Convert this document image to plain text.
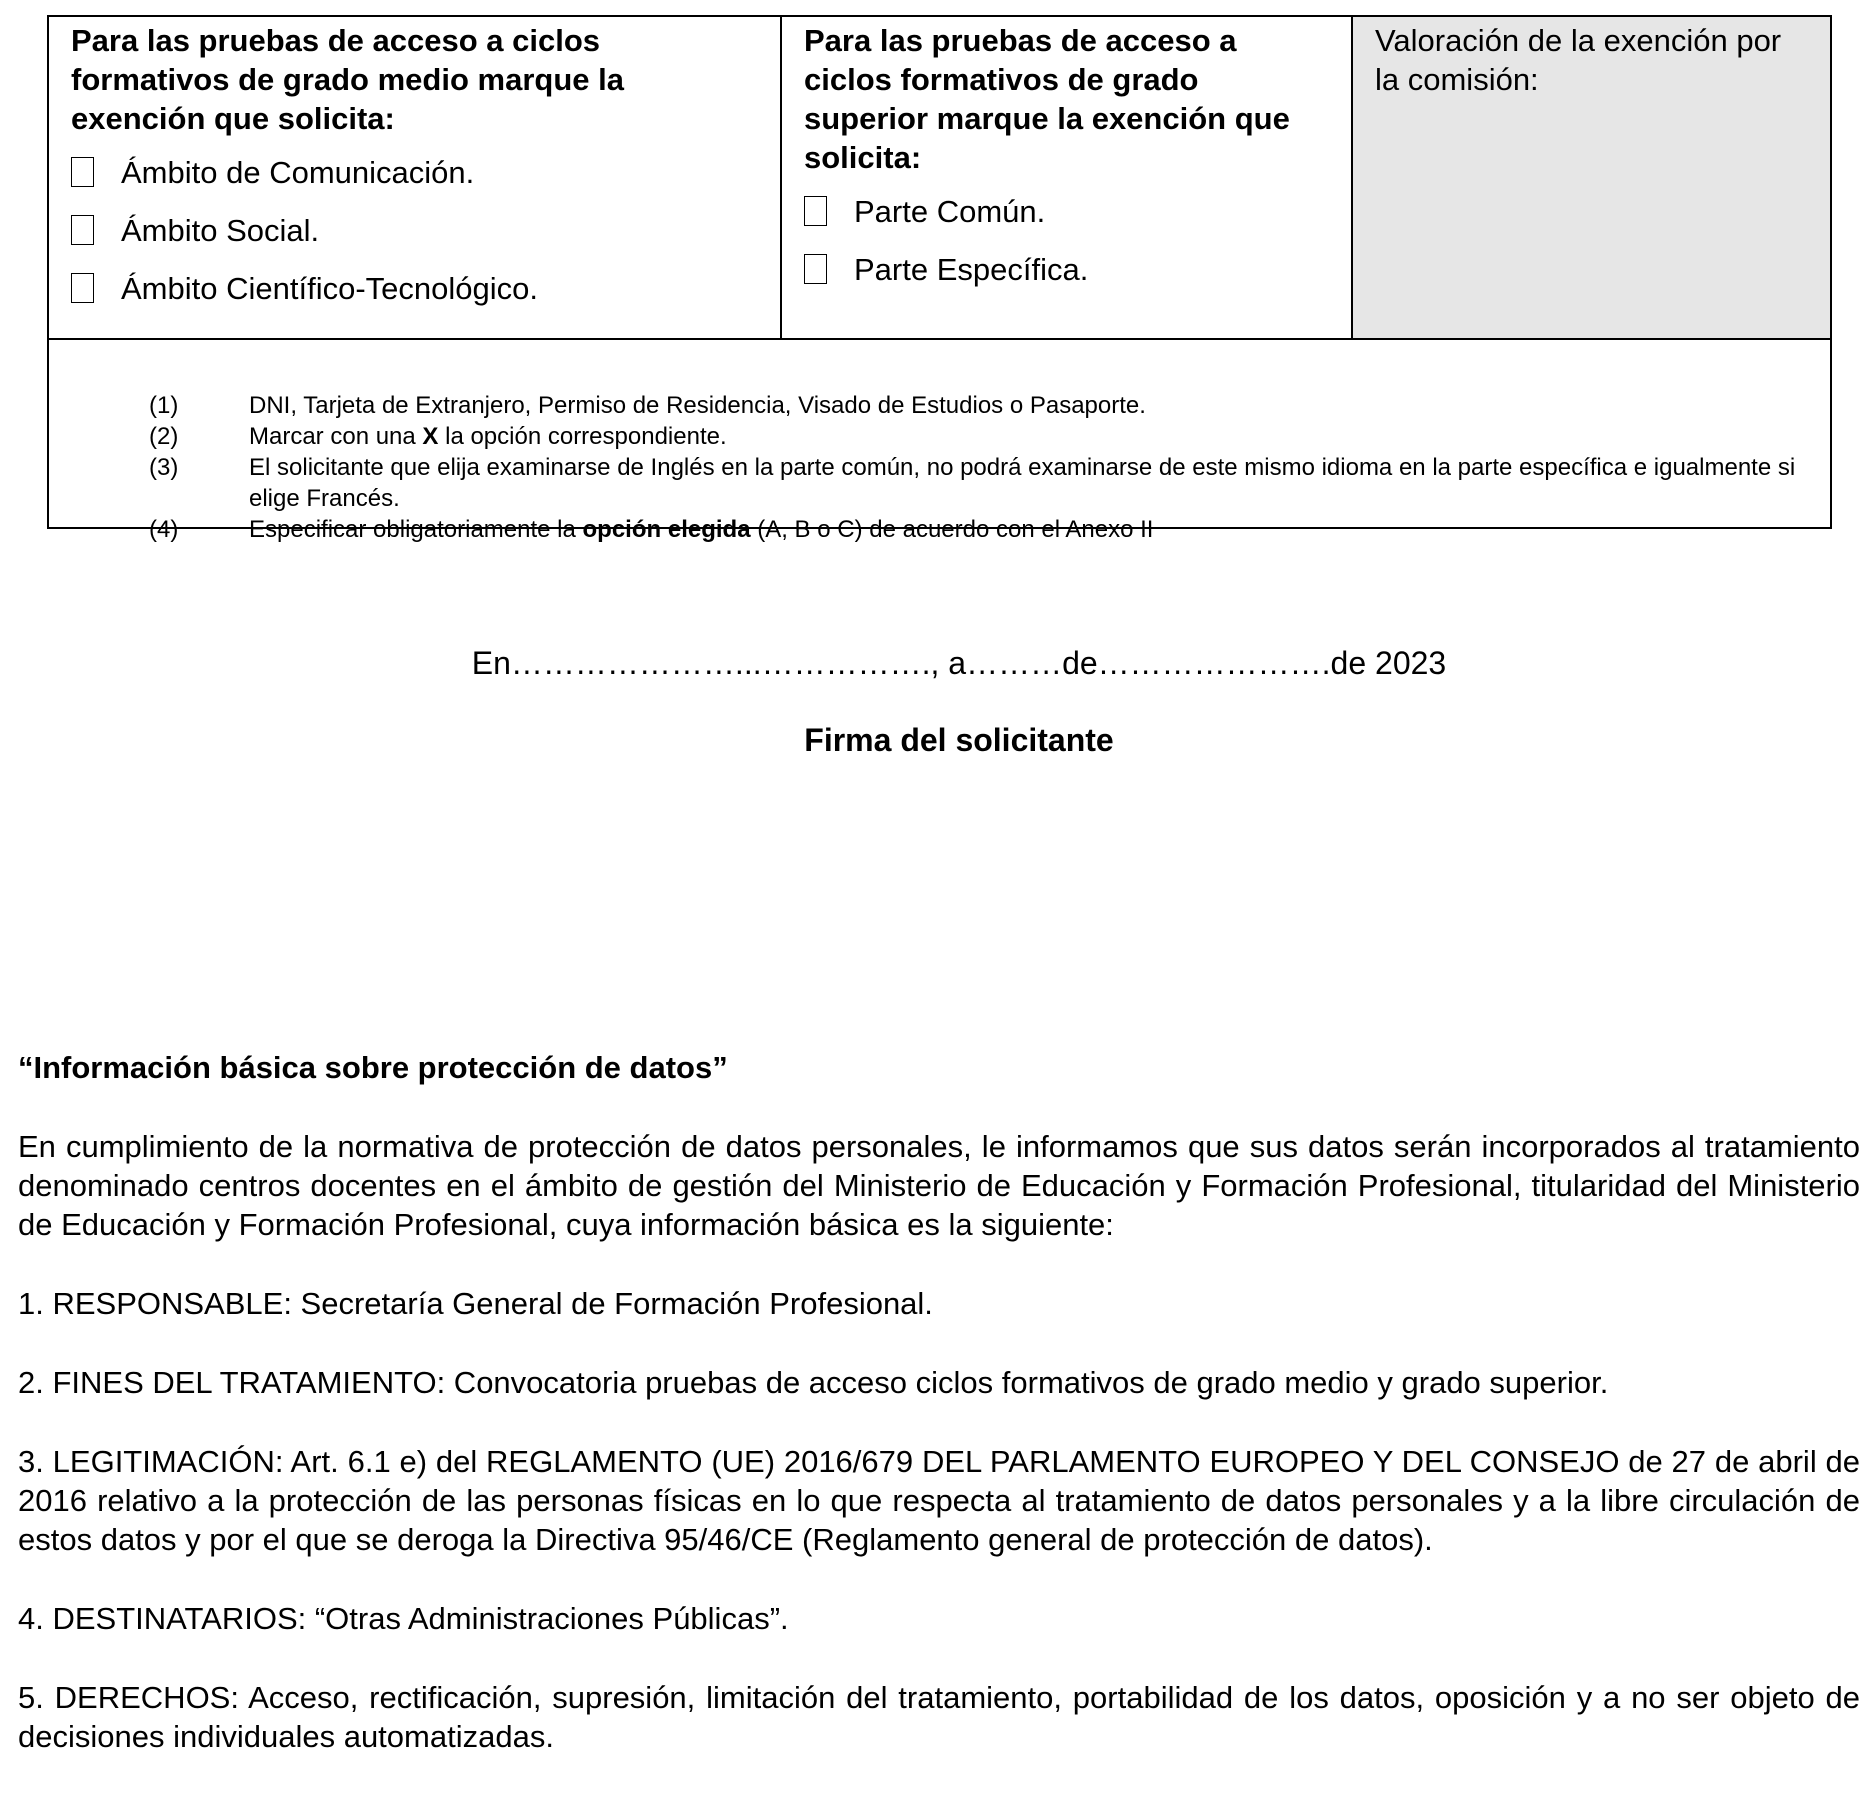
Para las pruebas de acceso a ciclos formativos de grado medio marque la exención que solicita:
Ámbito de Comunicación.
Ámbito Social.
Ámbito Científico-Tecnológico.
Para las pruebas de acceso a ciclos formativos de grado superior marque la exención que solicita:
Parte Común.
Parte Específica.
Valoración de la exención por la comisión:
(1)	DNI, Tarjeta de Extranjero, Permiso de Residencia, Visado de Estudios o Pasaporte.
(2)	Marcar con una X la opción correspondiente.
(3)	El solicitante que elija examinarse de Inglés en la parte común, no podrá examinarse de este mismo idioma en la parte específica e igualmente si elige Francés.
(4)	Especificar obligatoriamente la opción elegida (A, B o C) de acuerdo con el Anexo II
En…………………...……………., a………de………………….de 2023
Firma del solicitante
“Información básica sobre protección de datos”

En cumplimiento de la normativa de protección de datos personales, le informamos que sus datos serán incorporados al tratamiento denominado centros docentes en el ámbito de gestión del Ministerio de Educación y Formación Profesional, titularidad del Ministerio de Educación y Formación Profesional, cuya información básica es la siguiente:

1. RESPONSABLE: Secretaría General de Formación Profesional.

2. FINES DEL TRATAMIENTO: Convocatoria pruebas de acceso ciclos formativos de grado medio y grado superior.

3. LEGITIMACIÓN: Art. 6.1 e) del REGLAMENTO (UE) 2016/679 DEL PARLAMENTO EUROPEO Y DEL CONSEJO de 27 de abril de 2016 relativo a la protección de las personas físicas en lo que respecta al tratamiento de datos personales y a la libre circulación de estos datos y por el que se deroga la Directiva 95/46/CE (Reglamento general de protección de datos).

4. DESTINATARIOS: “Otras Administraciones Públicas”.

5. DERECHOS: Acceso, rectificación, supresión, limitación del tratamiento, portabilidad de los datos, oposición y a no ser objeto de decisiones individuales automatizadas.
